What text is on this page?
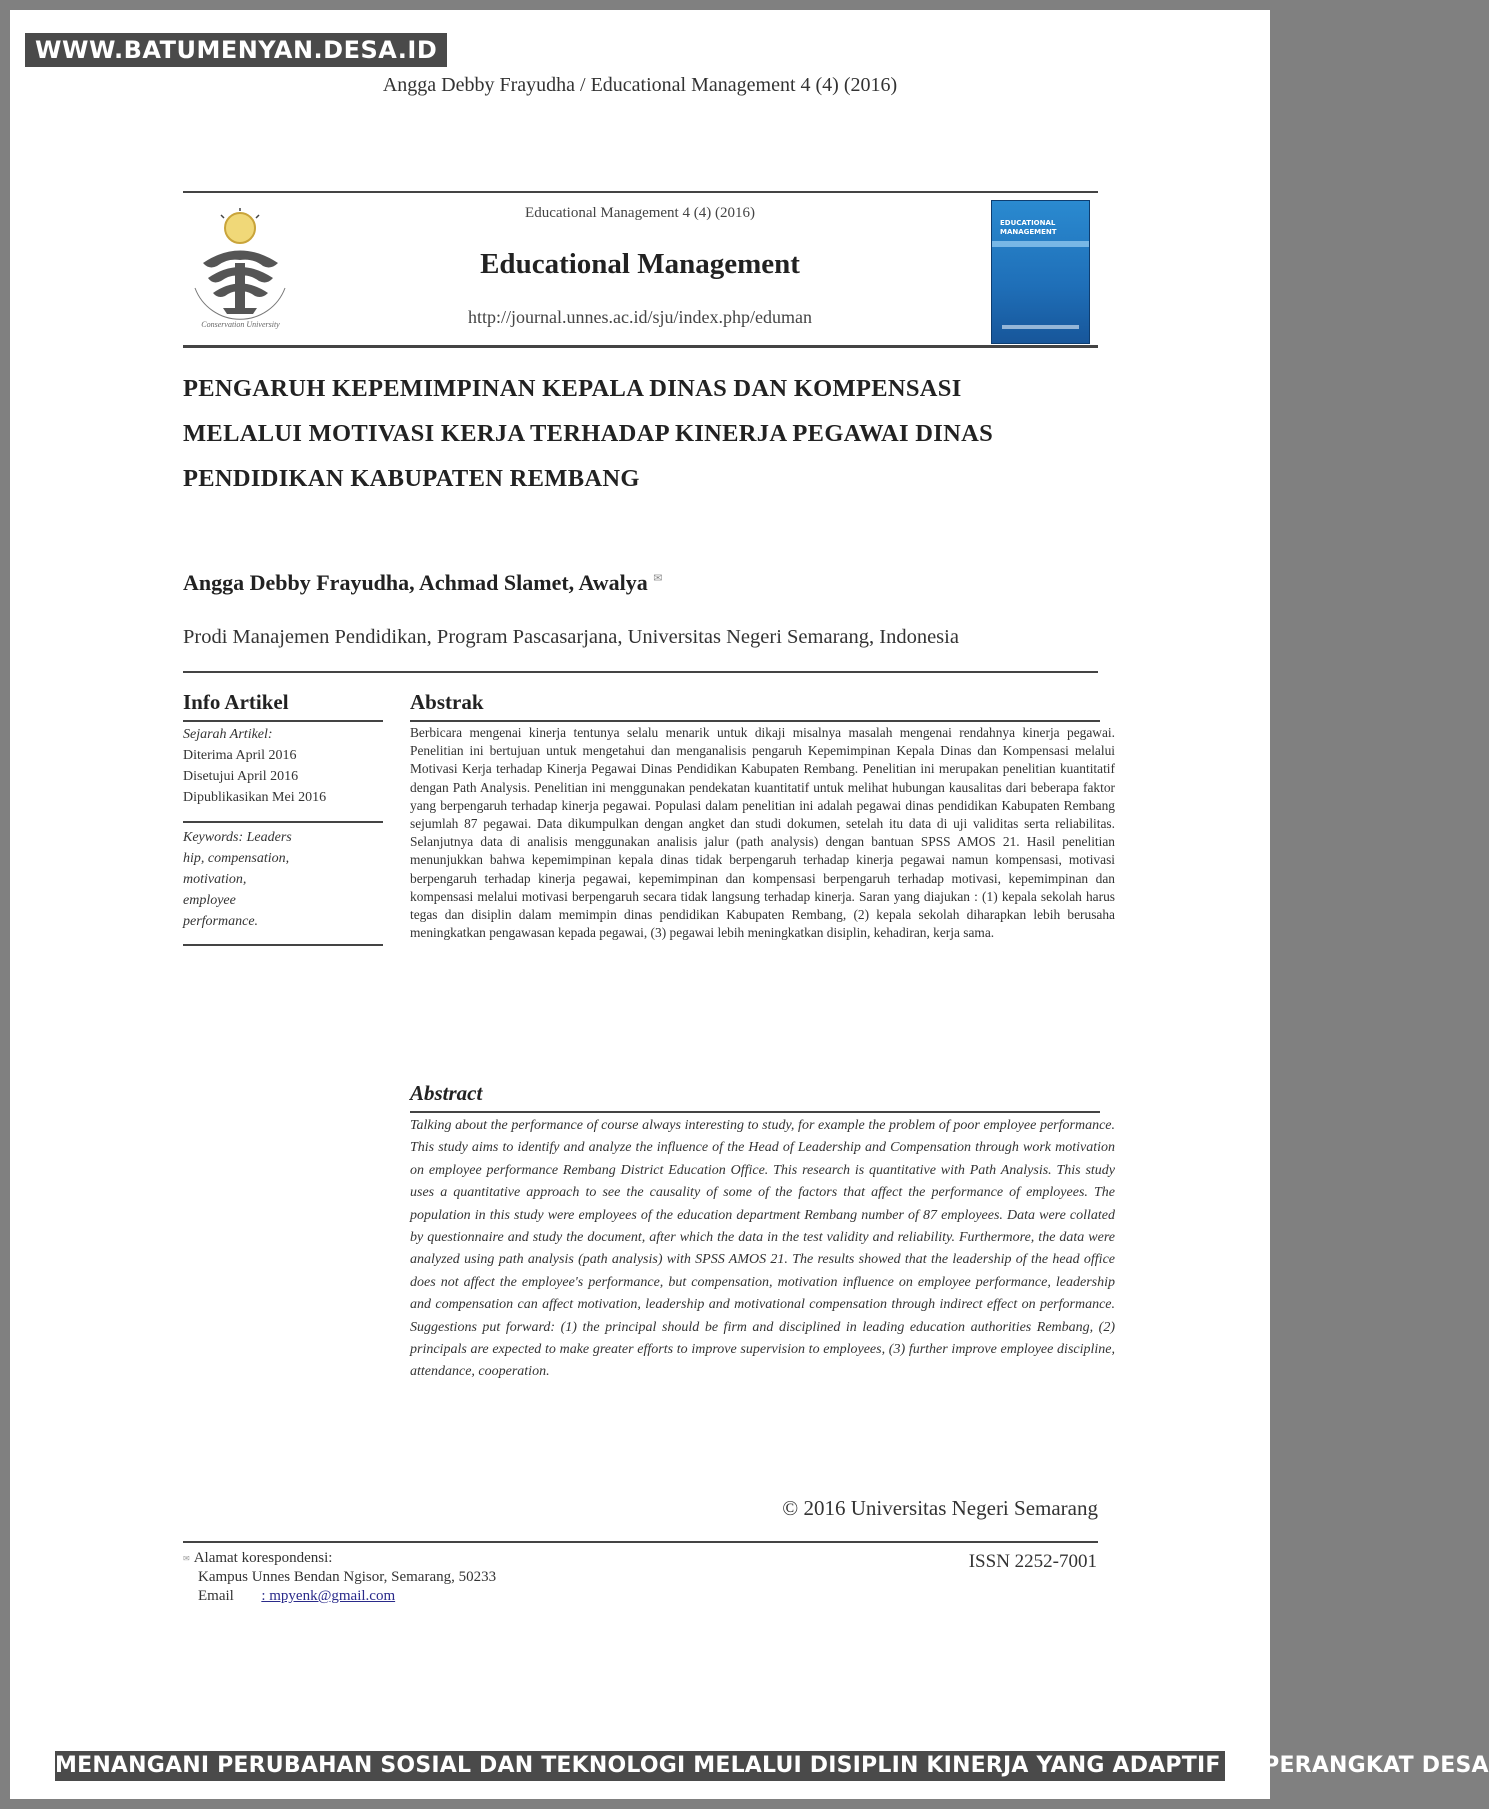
WWW.BATUMENYAN.DESA.ID
Angga Debby Frayudha / Educational Management 4 (4) (2016)
Conservation University
Educational Management 4 (4) (2016)
Educational Management
http://journal.unnes.ac.id/sju/index.php/eduman
EDUCATIONAL MANAGEMENT
PENGARUH KEPEMIMPINAN KEPALA DINAS DAN KOMPENSASI
MELALUI MOTIVASI KERJA TERHADAP KINERJA PEGAWAI DINAS
PENDIDIKAN KABUPATEN REMBANG
Angga Debby Frayudha, Achmad Slamet, Awalya ✉
Prodi Manajemen Pendidikan, Program Pascasarjana, Universitas Negeri Semarang, Indonesia
Info Artikel
Sejarah Artikel:
Diterima April 2016
Disetujui April 2016
Dipublikasikan Mei 2016
Keywords: Leaders
hip, compensation,
motivation,
employee
performance.
Abstrak
Berbicara mengenai kinerja tentunya selalu menarik untuk dikaji misalnya masalah mengenai rendahnya kinerja pegawai. Penelitian ini bertujuan untuk mengetahui dan menganalisis pengaruh Kepemimpinan Kepala Dinas dan Kompensasi melalui Motivasi Kerja terhadap Kinerja Pegawai Dinas Pendidikan Kabupaten Rembang. Penelitian ini merupakan penelitian kuantitatif dengan Path Analysis. Penelitian ini menggunakan pendekatan kuantitatif untuk melihat hubungan kausalitas dari beberapa faktor yang berpengaruh terhadap kinerja pegawai. Populasi dalam penelitian ini adalah pegawai dinas pendidikan Kabupaten Rembang sejumlah 87 pegawai. Data dikumpulkan dengan angket dan studi dokumen, setelah itu data di uji validitas serta reliabilitas. Selanjutnya data di analisis menggunakan analisis jalur (path analysis) dengan bantuan SPSS AMOS 21. Hasil penelitian menunjukkan bahwa kepemimpinan kepala dinas tidak berpengaruh terhadap kinerja pegawai namun kompensasi, motivasi berpengaruh terhadap kinerja pegawai, kepemimpinan dan kompensasi berpengaruh terhadap motivasi, kepemimpinan dan kompensasi melalui motivasi berpengaruh secara tidak langsung terhadap kinerja. Saran yang diajukan : (1) kepala sekolah harus tegas dan disiplin dalam memimpin dinas pendidikan Kabupaten Rembang, (2) kepala sekolah diharapkan lebih berusaha meningkatkan pengawasan kepada pegawai, (3) pegawai lebih meningkatkan disiplin, kehadiran, kerja sama.
Abstract
Talking about the performance of course always interesting to study, for example the problem of poor employee performance. This study aims to identify and analyze the influence of the Head of Leadership and Compensation through work motivation on employee performance Rembang District Education Office. This research is quantitative with Path Analysis. This study uses a quantitative approach to see the causality of some of the factors that affect the performance of employees. The population in this study were employees of the education department Rembang number of 87 employees. Data were collated by questionnaire and study the document, after which the data in the test validity and reliability. Furthermore, the data were analyzed using path analysis (path analysis) with SPSS AMOS 21. The results showed that the leadership of the head office does not affect the employee's performance, but compensation, motivation influence on employee performance, leadership and compensation can affect motivation, leadership and motivational compensation through indirect effect on performance. Suggestions put forward: (1) the principal should be firm and disciplined in leading education authorities Rembang, (2) principals are expected to make greater efforts to improve supervision to employees, (3) further improve employee discipline, attendance, cooperation.
© 2016 Universitas Negeri Semarang
✉ Alamat korespondensi:
Kampus Unnes Bendan Ngisor, Semarang, 50233
Email : mpyenk@gmail.com
ISSN 2252-7001
MENANGANI PERUBAHAN SOSIAL DAN TEKNOLOGI MELALUI DISIPLIN KINERJA YANG ADAPTIF DI PERANGKAT DESA
